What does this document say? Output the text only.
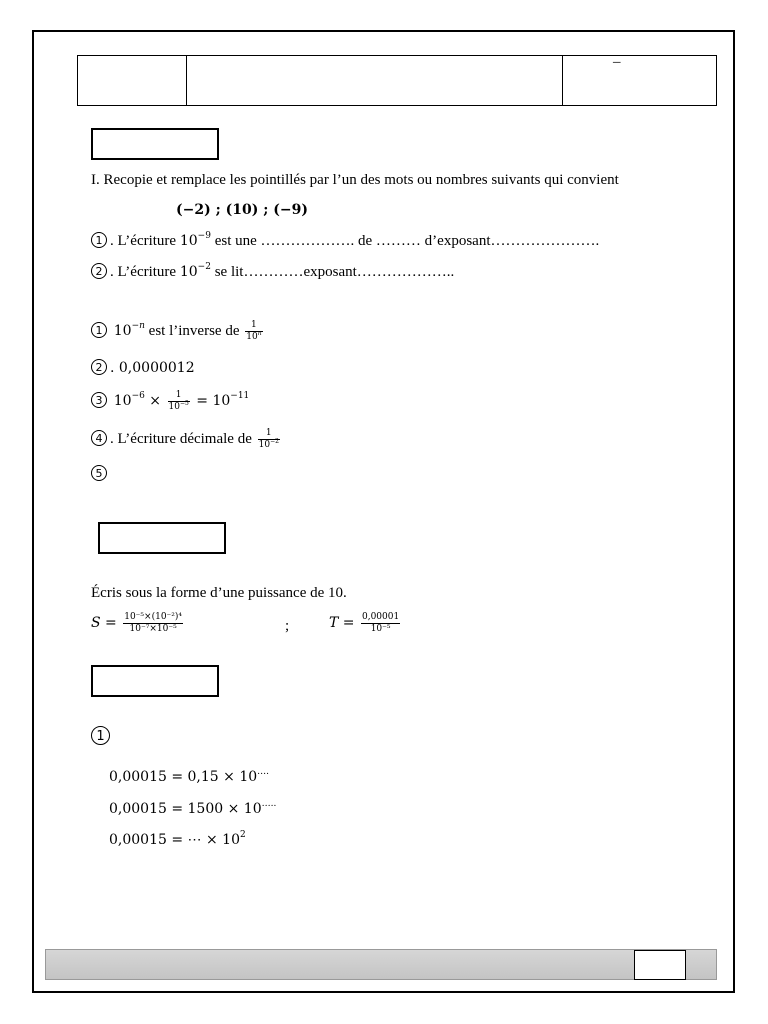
–
I. Recopie et remplace les pointillés par l’un des mots ou nombres suivants qui convient
(−2) ; (10) ; (−9)
1 . L’écriture $10^{-9}$ est une ………………. de ……… d’exposant………………….
2 . L’écriture $10^{-2}$ se lit…………exposant………………..
1 $10^{-n}$ est l’inverse de $\frac{1}{10^n}$
2 . 0,0000012
3 $10^{-6} \times \frac{1}{10^{-5}} = 10^{-11}$
4 . L’écriture décimale de $\frac{1}{10^{-2}}$
5
Écris sous la forme d’une puissance de 10.
$S = \frac{\text{10⁻⁵×(10⁻²)⁴}}{\text{10⁻⁷×10⁻⁵}}$	;	$T = \frac{0,00001}{\text{10⁻⁵}}$
1
0,00015 = 0,15 × 10….
0,00015 = 1500 × 10…..
0,00015 = ⋯ × $10^2$
